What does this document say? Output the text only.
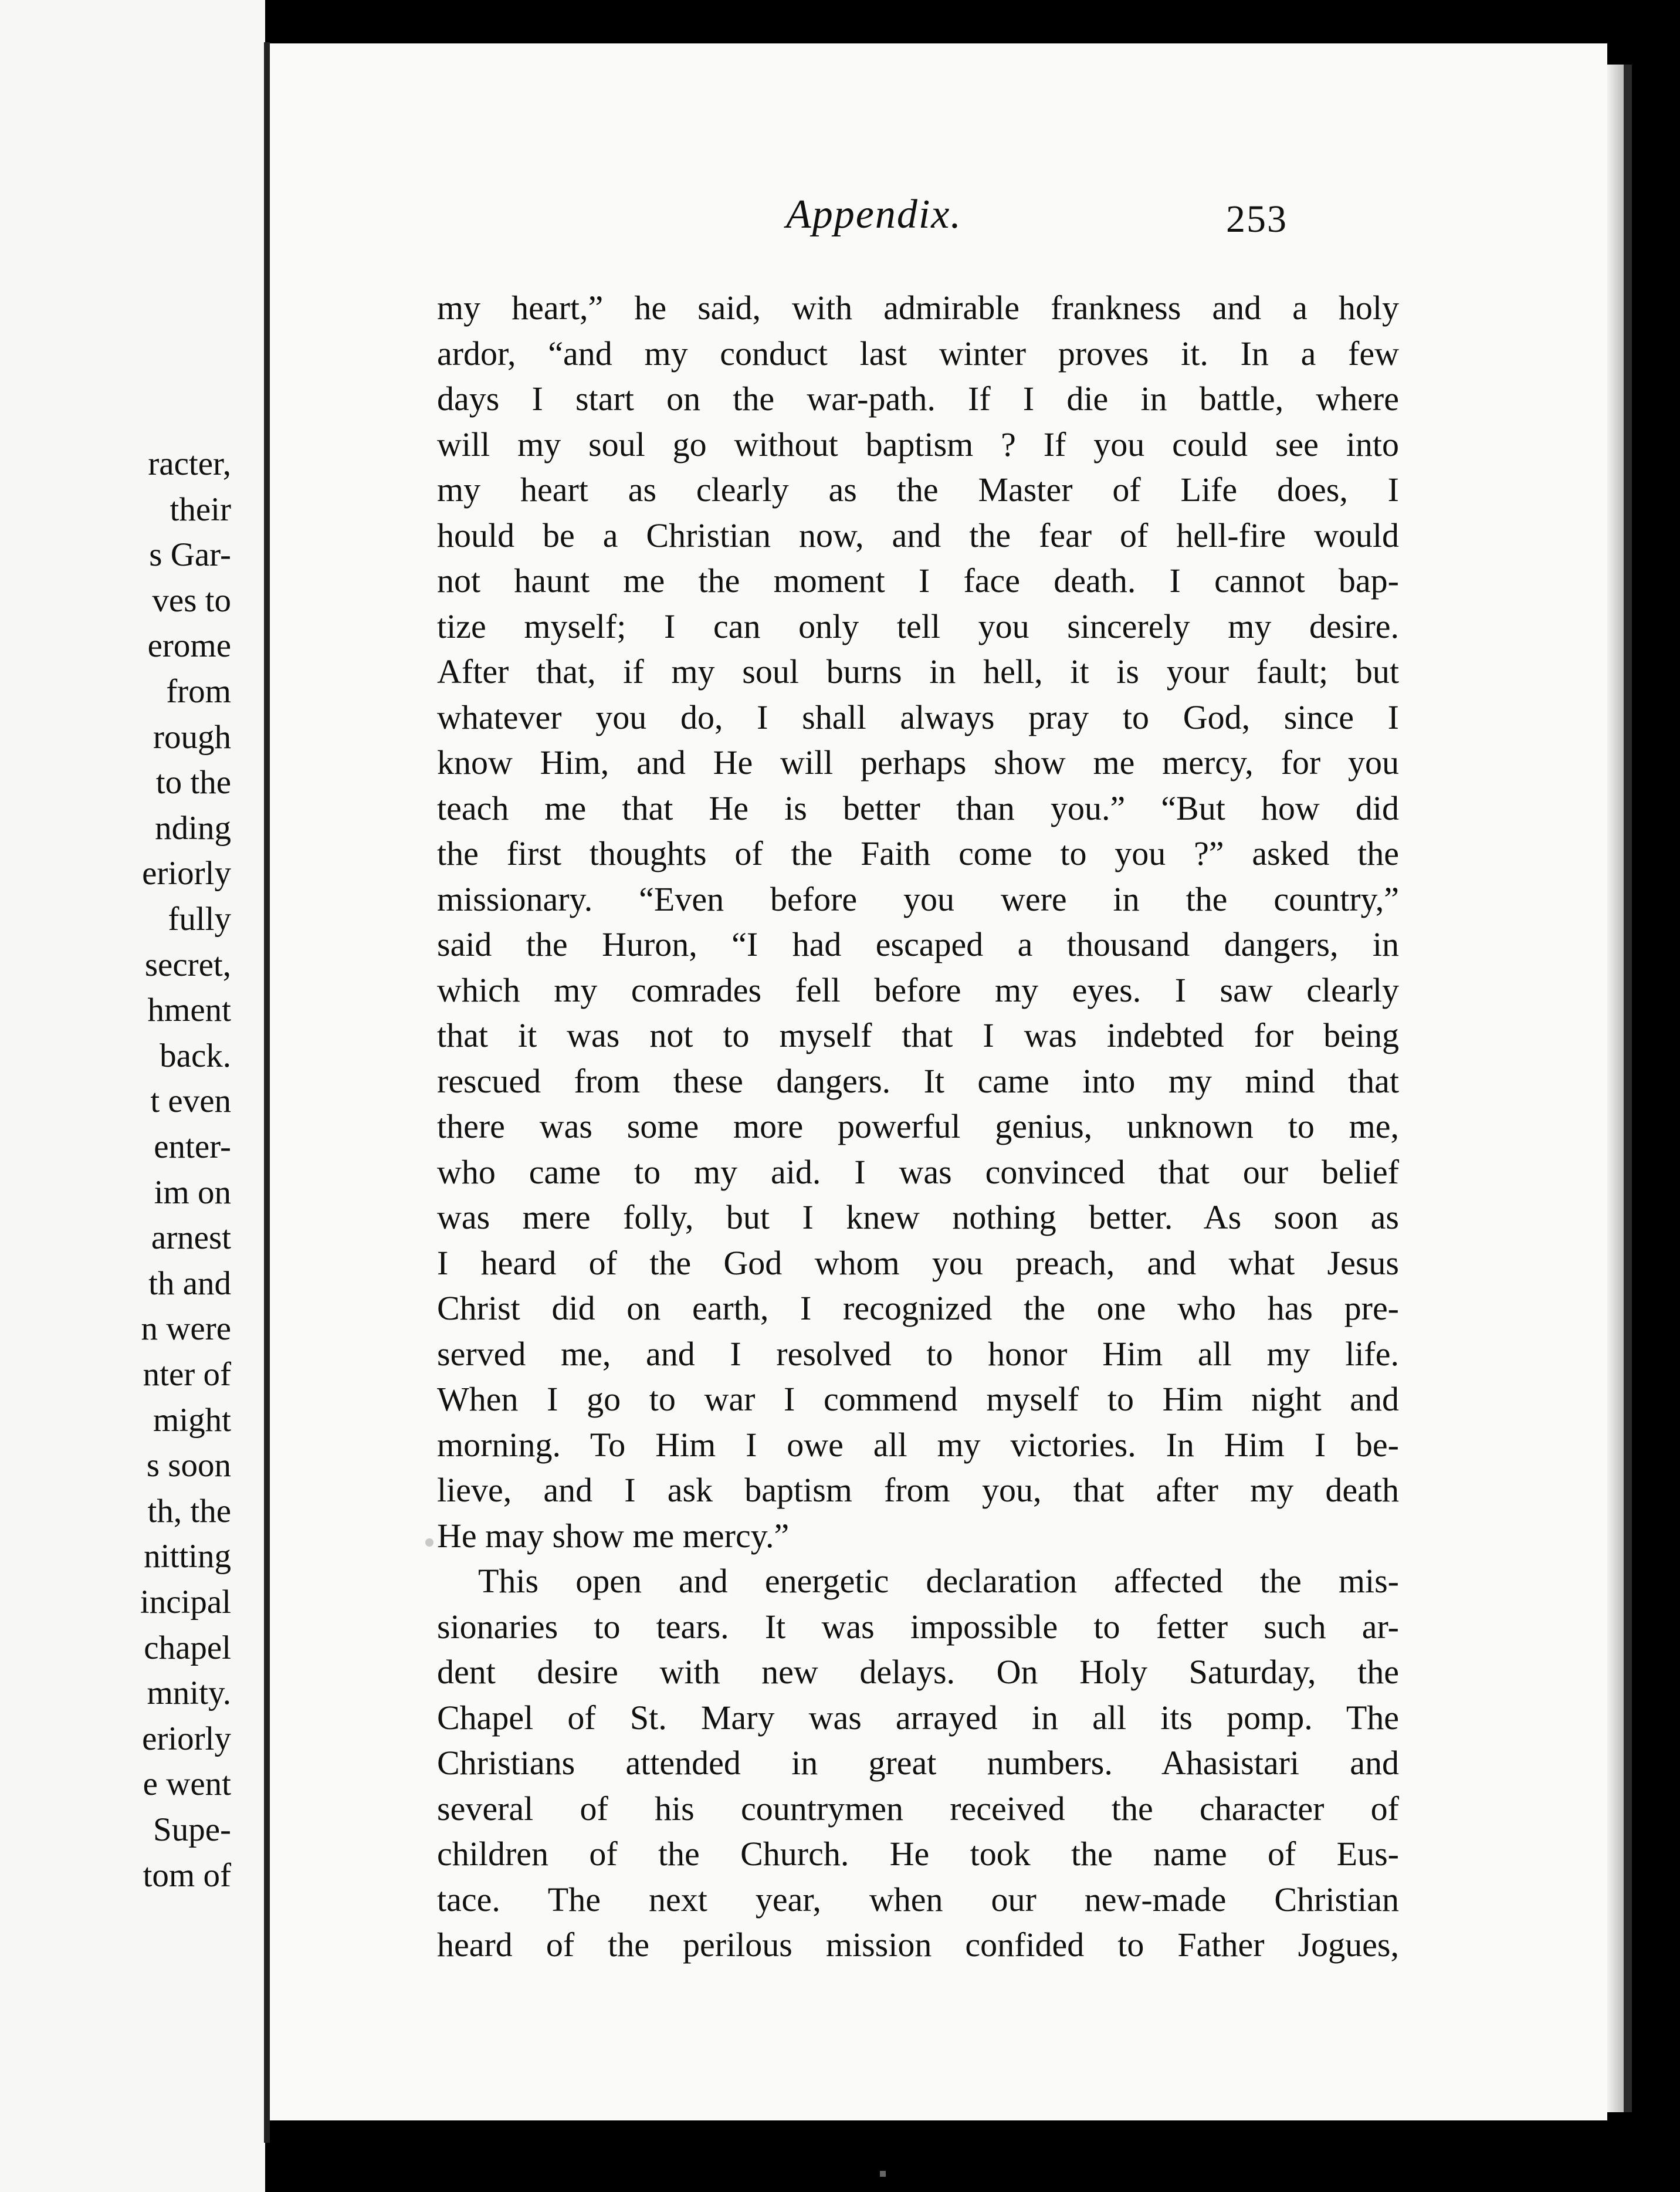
racter,
their
s Gar-
ves to
erome
from
rough
to the
nding
eriorly
fully
secret,
hment
back.
t even
enter-
im on
arnest
th and
n were
nter of
might
s soon
th, the
nitting
incipal
chapel
mnity.
eriorly
e went
Supe-
tom of
Appendix.	253
my heart,” he said, with admirable frankness and a holy
ardor, “and my conduct last winter proves it. In a few
days I start on the war-path. If I die in battle, where
will my soul go without baptism ? If you could see into
my heart as clearly as the Master of Life does, I
hould be a Christian now, and the fear of hell-fire would
not haunt me the moment I face death. I cannot bap-
tize myself; I can only tell you sincerely my desire.
After that, if my soul burns in hell, it is your fault; but
whatever you do, I shall always pray to God, since I
know Him, and He will perhaps show me mercy, for you
teach me that He is better than you.” “But how did
the first thoughts of the Faith come to you ?” asked the
missionary. “Even before you were in the country,”
said the Huron, “I had escaped a thousand dangers, in
which my comrades fell before my eyes. I saw clearly
that it was not to myself that I was indebted for being
rescued from these dangers. It came into my mind that
there was some more powerful genius, unknown to me,
who came to my aid. I was convinced that our belief
was mere folly, but I knew nothing better. As soon as
I heard of the God whom you preach, and what Jesus
Christ did on earth, I recognized the one who has pre-
served me, and I resolved to honor Him all my life.
When I go to war I commend myself to Him night and
morning. To Him I owe all my victories. In Him I be-
lieve, and I ask baptism from you, that after my death
He may show me mercy.”
This open and energetic declaration affected the mis-
sionaries to tears. It was impossible to fetter such ar-
dent desire with new delays. On Holy Saturday, the
Chapel of St. Mary was arrayed in all its pomp. The
Christians attended in great numbers. Ahasistari and
several of his countrymen received the character of
children of the Church. He took the name of Eus-
tace. The next year, when our new-made Christian
heard of the perilous mission confided to Father Jogues,
